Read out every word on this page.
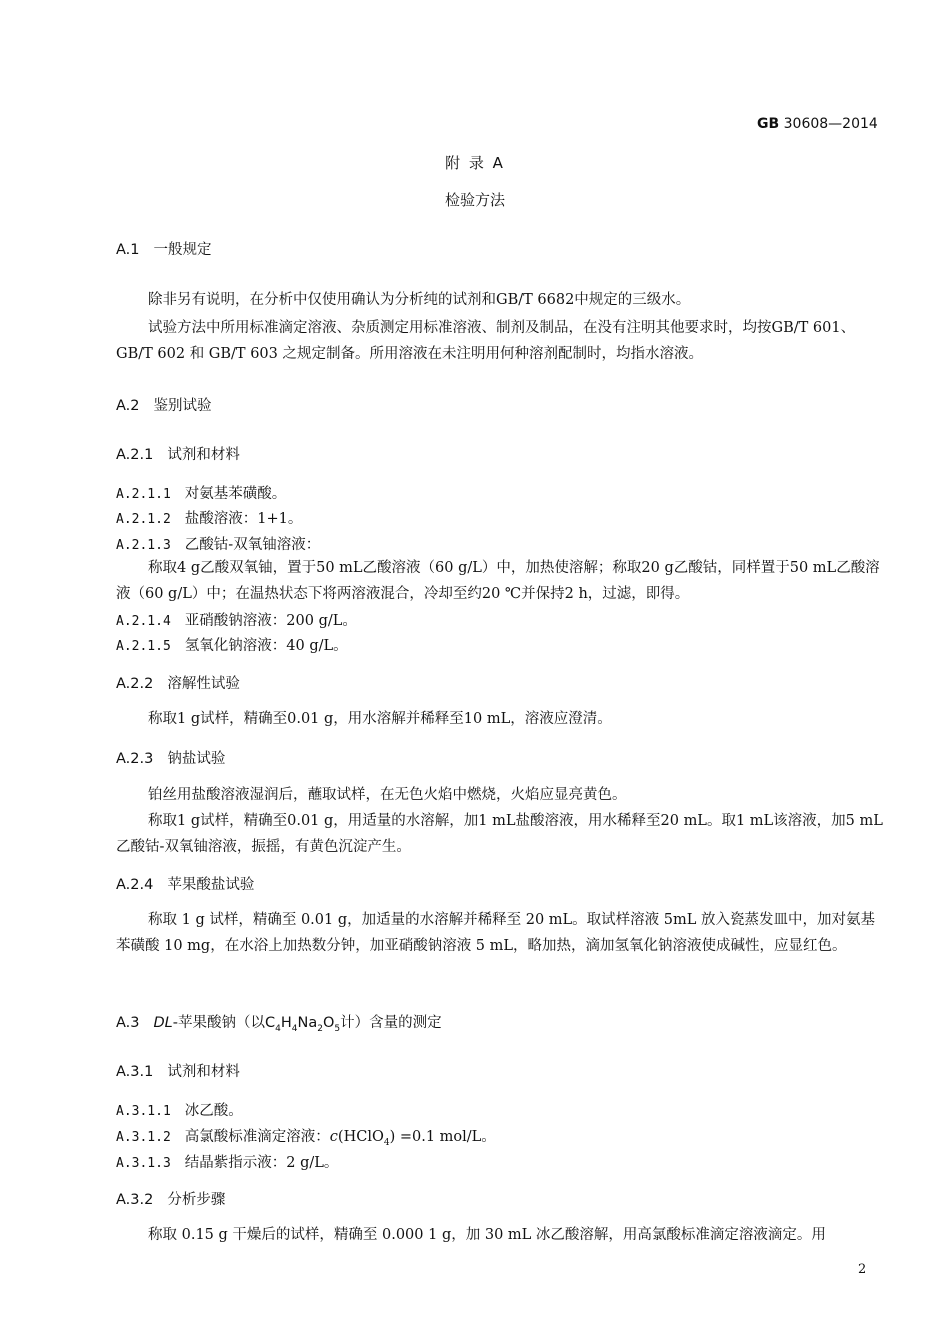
GB 30608—2014
附 录 A
检验方法
A.1 一般规定
除非另有说明，在分析中仅使用确认为分析纯的试剂和GB/T 6682中规定的三级水。
试验方法中所用标准滴定溶液、杂质测定用标准溶液、制剂及制品，在没有注明其他要求时，均按GB/T 601、GB/T 602 和 GB/T 603 之规定制备。所用溶液在未注明用何种溶剂配制时，均指水溶液。
A.2 鉴别试验
A.2.1 试剂和材料
A.2.1.1 对氨基苯磺酸。
A.2.1.2 盐酸溶液：1+1。
A.2.1.3 乙酸钴-双氧铀溶液：
称取4 g乙酸双氧铀，置于50 mL乙酸溶液（60 g/L）中，加热使溶解；称取20 g乙酸钴，同样置于50 mL乙酸溶液（60 g/L）中；在温热状态下将两溶液混合，冷却至约20 ℃并保持2 h，过滤，即得。
A.2.1.4 亚硝酸钠溶液：200 g/L。
A.2.1.5 氢氧化钠溶液：40 g/L。
A.2.2 溶解性试验
称取1 g试样，精确至0.01 g，用水溶解并稀释至10 mL，溶液应澄清。
A.2.3 钠盐试验
铂丝用盐酸溶液湿润后，蘸取试样，在无色火焰中燃烧，火焰应显亮黄色。
称取1 g试样，精确至0.01 g，用适量的水溶解，加1 mL盐酸溶液，用水稀释至20 mL。取1 mL该溶液，加5 mL乙酸钴-双氧铀溶液，振摇，有黄色沉淀产生。
A.2.4 苹果酸盐试验
称取 1 g 试样，精确至 0.01 g，加适量的水溶解并稀释至 20 mL。取试样溶液 5mL 放入瓷蒸发皿中，加对氨基苯磺酸 10 mg，在水浴上加热数分钟，加亚硝酸钠溶液 5 mL，略加热，滴加氢氧化钠溶液使成碱性，应显红色。
A.3 DL-苹果酸钠（以$C_4H_4Na_2O_5$计）含量的测定
A.3.1 试剂和材料
A.3.1.1 冰乙酸。
A.3.1.2 高氯酸标准滴定溶液：c(HClO$_4$) =0.1 mol/L。
A.3.1.3 结晶紫指示液：2 g/L。
A.3.2 分析步骤
称取 0.15 g 干燥后的试样，精确至 0.000 1 g，加 30 mL 冰乙酸溶解，用高氯酸标准滴定溶液滴定。用
2
